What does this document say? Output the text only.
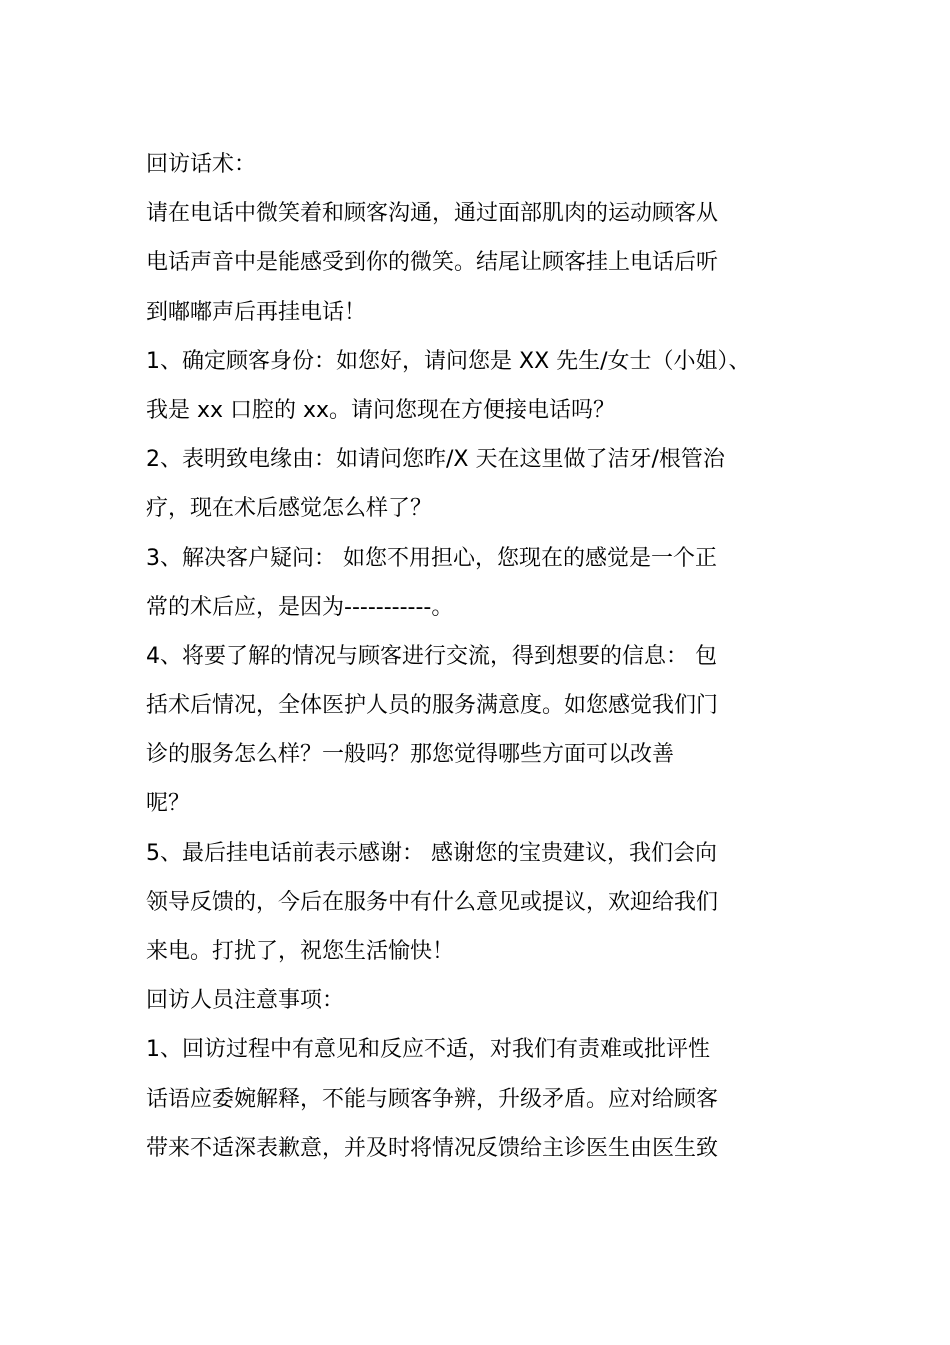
回访话术：
请在电话中微笑着和顾客沟通，通过面部肌肉的运动顾客从
电话声音中是能感受到你的微笑。结尾让顾客挂上电话后听
到嘟嘟声后再挂电话！
1、确定顾客身份：如您好，请问您是 XX 先生/女士（小姐）、
我是 xx 口腔的 xx。请问您现在方便接电话吗？
2、表明致电缘由：如请问您昨/X 天在这里做了洁牙/根管治
疗，现在术后感觉怎么样了？
3、解决客户疑问： 如您不用担心，您现在的感觉是一个正
常的术后应，是因为-----------。
4、将要了解的情况与顾客进行交流，得到想要的信息： 包
括术后情况，全体医护人员的服务满意度。如您感觉我们门
诊的服务怎么样？一般吗？那您觉得哪些方面可以改善
呢？
5、最后挂电话前表示感谢： 感谢您的宝贵建议，我们会向
领导反馈的，今后在服务中有什么意见或提议，欢迎给我们
来电。打扰了，祝您生活愉快！
回访人员注意事项：
1、回访过程中有意见和反应不适，对我们有责难或批评性
话语应委婉解释，不能与顾客争辨，升级矛盾。应对给顾客
带来不适深表歉意，并及时将情况反馈给主诊医生由医生致
